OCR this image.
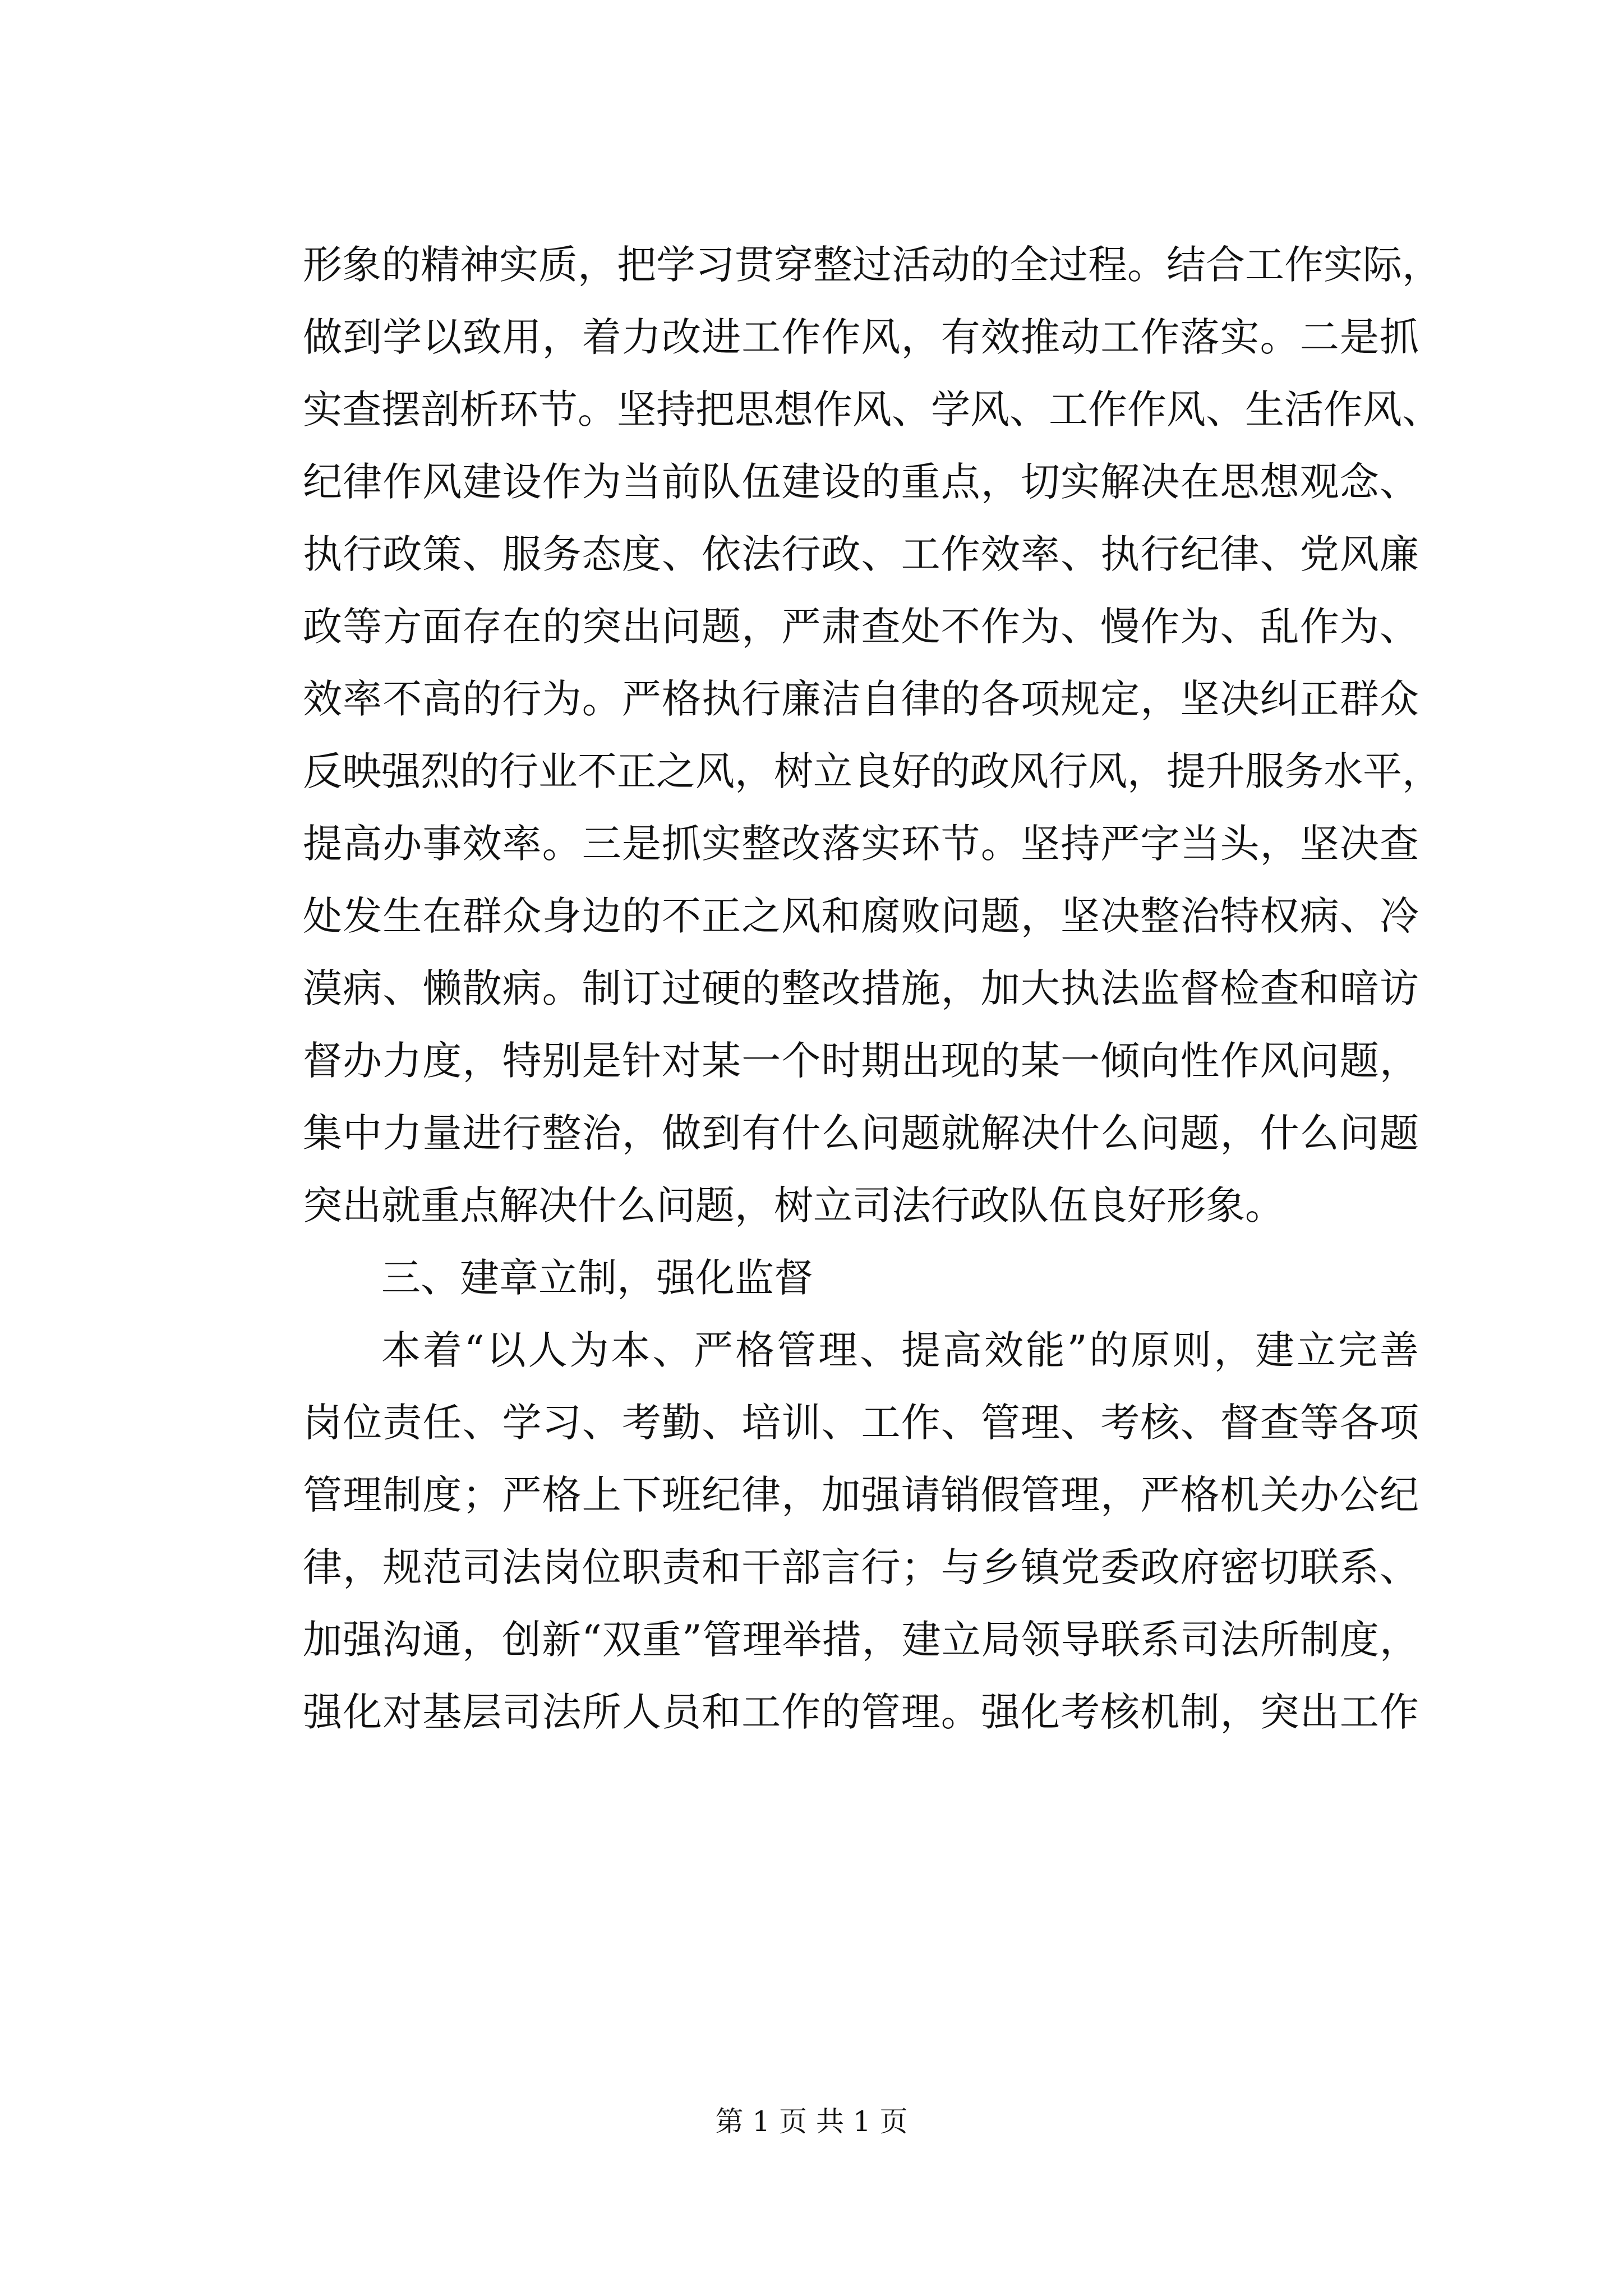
形象的精神实质，把学习贯穿整过活动的全过程。结合工作实际，
做到学以致用，着力改进工作作风，有效推动工作落实。二是抓
实查摆剖析环节。坚持把思想作风、学风、工作作风、生活作风、
纪律作风建设作为当前队伍建设的重点，切实解决在思想观念、
执行政策、服务态度、依法行政、工作效率、执行纪律、党风廉
政等方面存在的突出问题，严肃查处不作为、慢作为、乱作为、
效率不高的行为。严格执行廉洁自律的各项规定，坚决纠正群众
反映强烈的行业不正之风，树立良好的政风行风，提升服务水平，
提高办事效率。三是抓实整改落实环节。坚持严字当头，坚决查
处发生在群众身边的不正之风和腐败问题，坚决整治特权病、冷
漠病、懒散病。制订过硬的整改措施，加大执法监督检查和暗访
督办力度，特别是针对某一个时期出现的某一倾向性作风问题，
集中力量进行整治，做到有什么问题就解决什么问题，什么问题
突出就重点解决什么问题，树立司法行政队伍良好形象。
三、建章立制，强化监督
本着“以人为本、严格管理、提高效能”的原则，建立完善
岗位责任、学习、考勤、培训、工作、管理、考核、督查等各项
管理制度；严格上下班纪律，加强请销假管理，严格机关办公纪
律，规范司法岗位职责和干部言行；与乡镇党委政府密切联系、
加强沟通，创新“双重”管理举措，建立局领导联系司法所制度，
强化对基层司法所人员和工作的管理。强化考核机制，突出工作
第 1 页 共 1 页
